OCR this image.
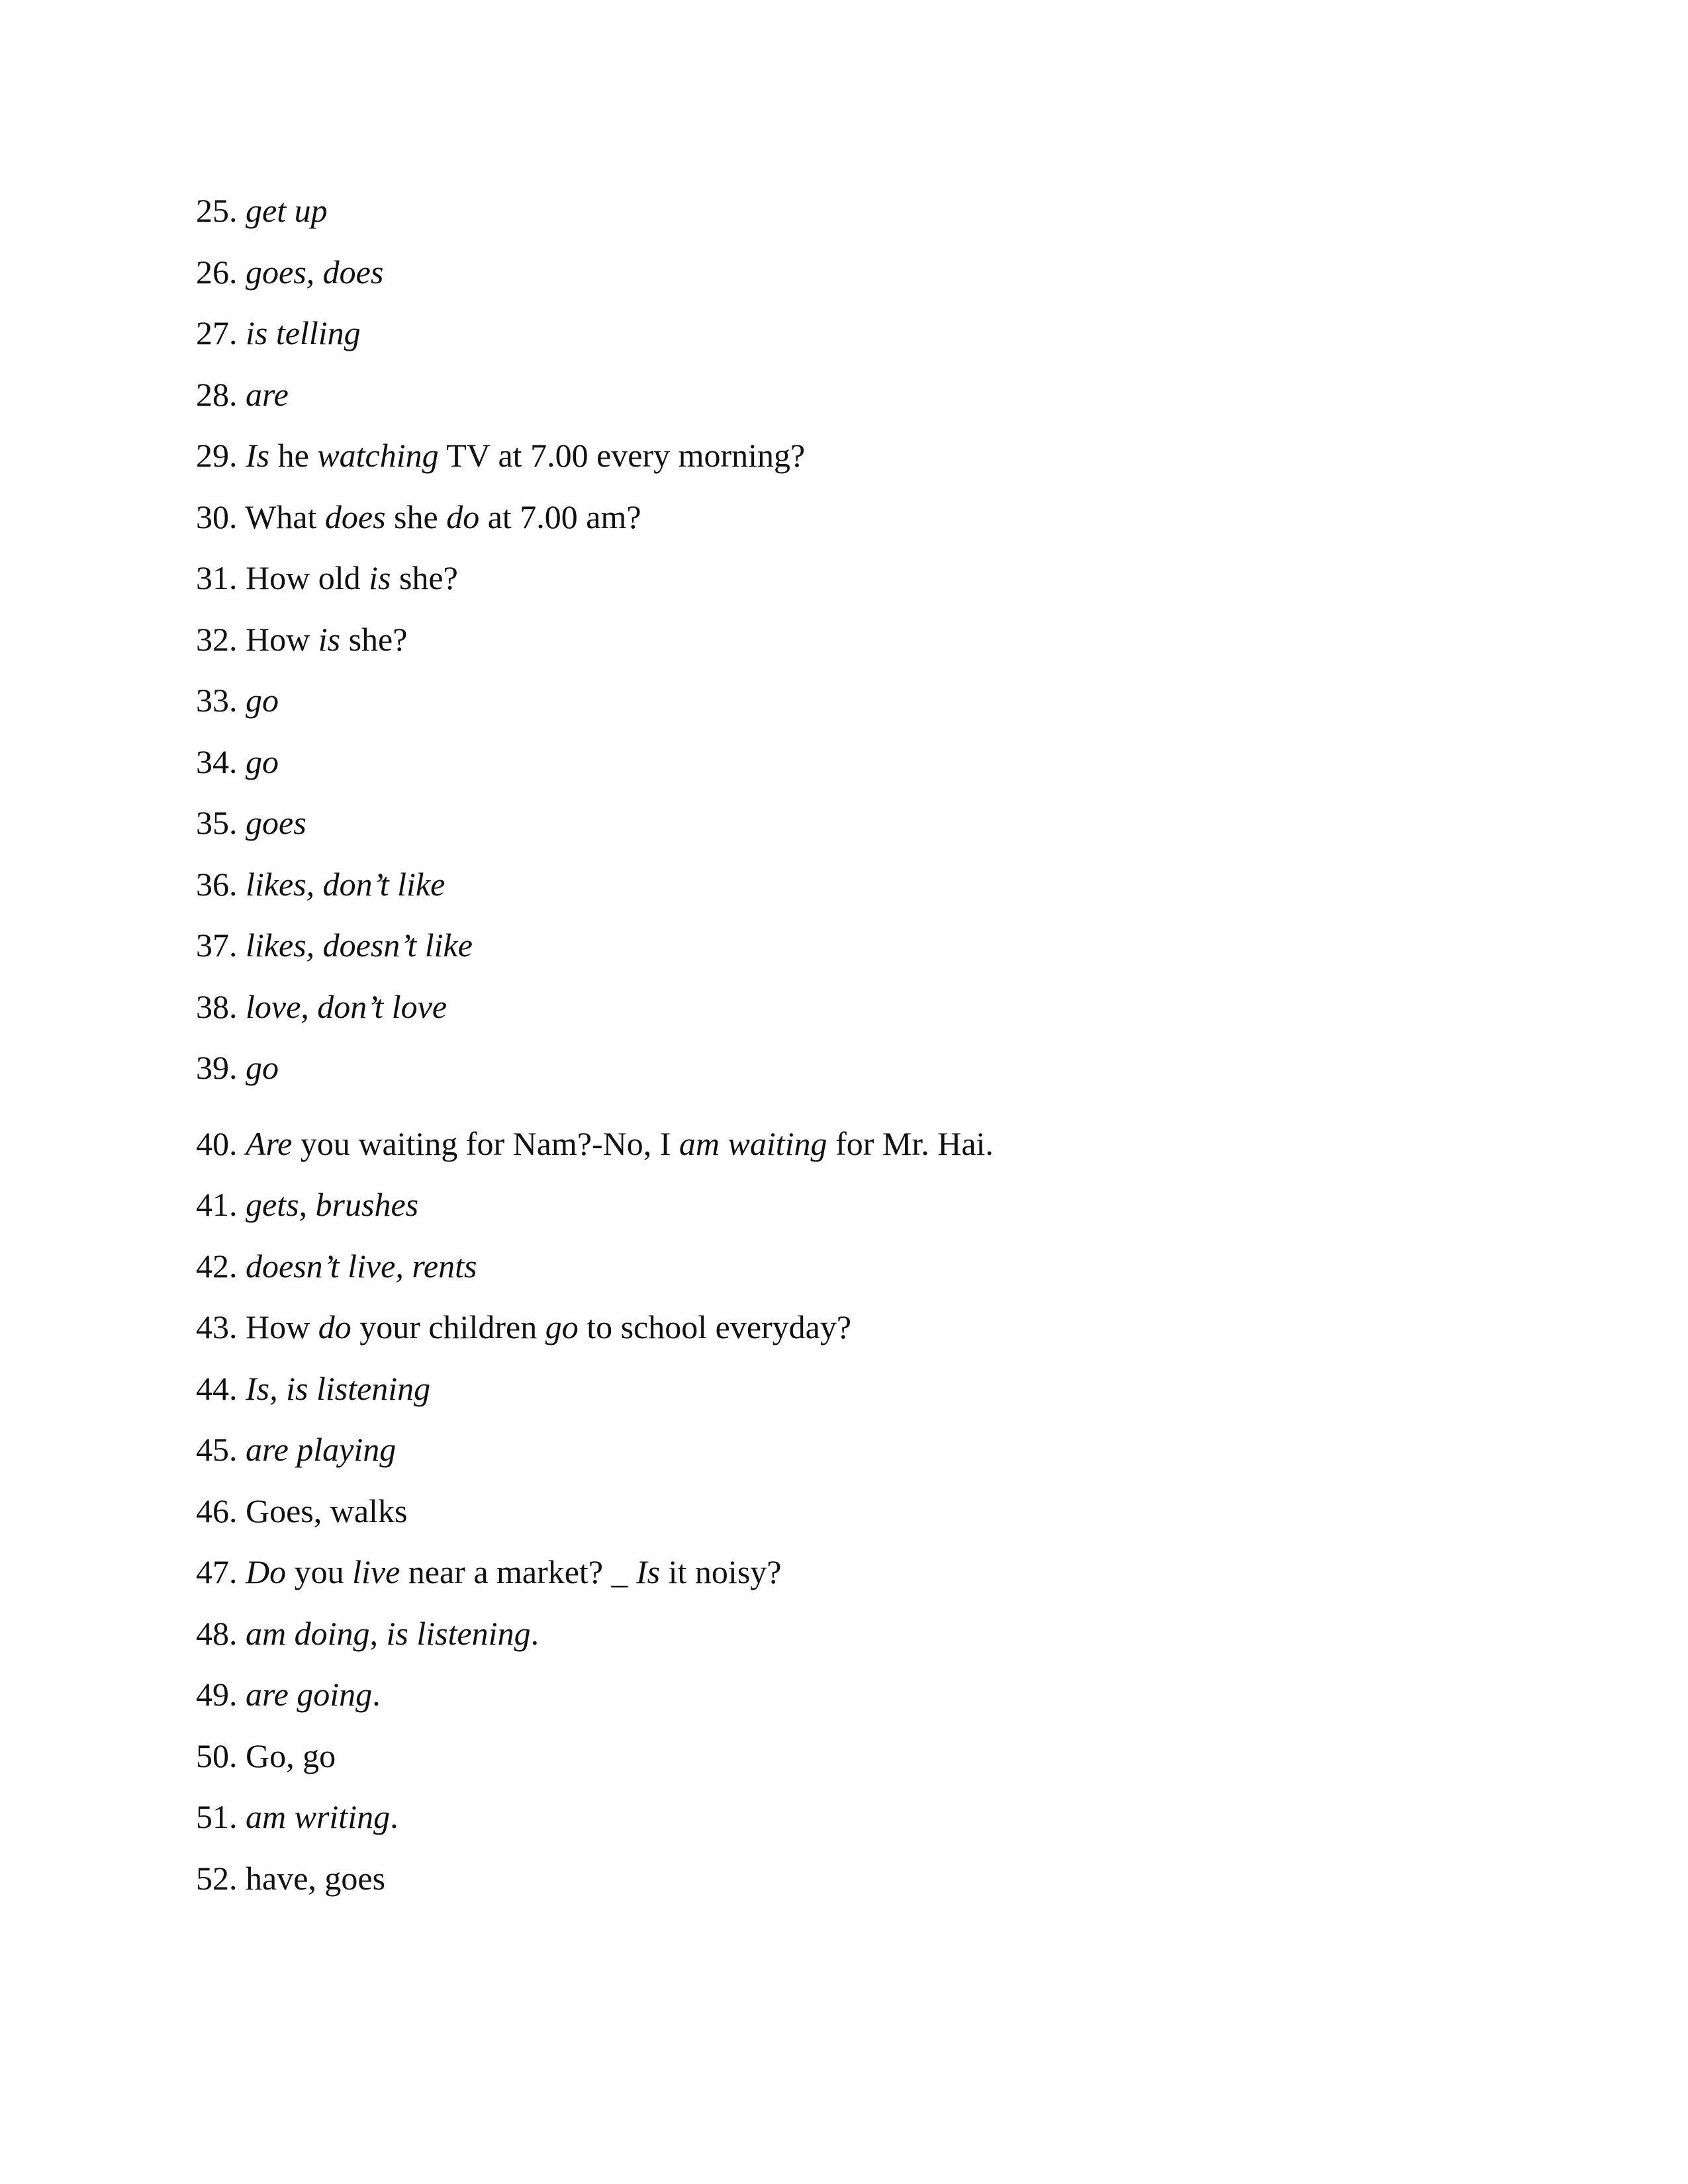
25. get up
26. goes, does
27. is telling
28. are
29. Is he watching TV at 7.00 every morning?
30. What does she do at 7.00 am?
31. How old is she?
32. How is she?
33. go
34. go
35. goes
36. likes, don’t like
37. likes, doesn’t like
38. love, don’t love
39. go
40. Are you waiting for Nam?-No, I am waiting for Mr. Hai.
41. gets, brushes
42. doesn’t live, rents
43. How do your children go to school everyday?
44. Is, is listening
45. are playing
46. Goes, walks
47. Do you live near a market? _ Is it noisy?
48. am doing, is listening.
49. are going.
50. Go, go
51. am writing.
52. have, goes
